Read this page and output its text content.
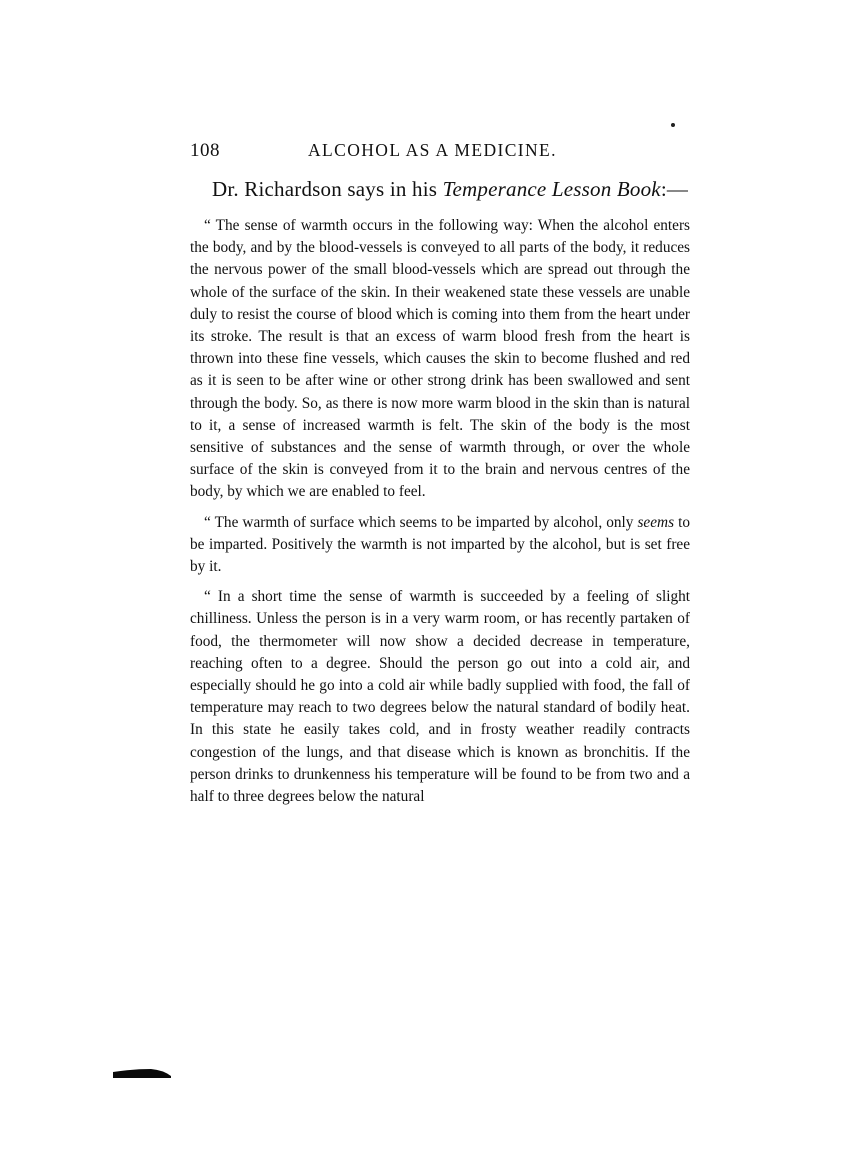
108	ALCOHOL AS A MEDICINE.

Dr. Richardson says in his Temperance Lesson Book:—

“ The sense of warmth occurs in the following way: When the alcohol enters the body, and by the blood-vessels is conveyed to all parts of the body, it reduces the nervous power of the small blood-vessels which are spread out through the whole of the surface of the skin. In their weakened state these vessels are unable duly to resist the course of blood which is coming into them from the heart under its stroke. The result is that an excess of warm blood fresh from the heart is thrown into these fine vessels, which causes the skin to become flushed and red as it is seen to be after wine or other strong drink has been swallowed and sent through the body. So, as there is now more warm blood in the skin than is natural to it, a sense of increased warmth is felt. The skin of the body is the most sensitive of substances and the sense of warmth through, or over the whole surface of the skin is conveyed from it to the brain and nervous centres of the body, by which we are enabled to feel.

“ The warmth of surface which seems to be imparted by alcohol, only seems to be imparted. Positively the warmth is not imparted by the alcohol, but is set free by it.

“ In a short time the sense of warmth is succeeded by a feeling of slight chilliness. Unless the person is in a very warm room, or has recently partaken of food, the thermometer will now show a decided decrease in temperature, reaching often to a degree. Should the person go out into a cold air, and especially should he go into a cold air while badly supplied with food, the fall of temperature may reach to two degrees below the natural standard of bodily heat. In this state he easily takes cold, and in frosty weather readily contracts congestion of the lungs, and that disease which is known as bronchitis. If the person drinks to drunkenness his temperature will be found to be from two and a half to three degrees below the natural
